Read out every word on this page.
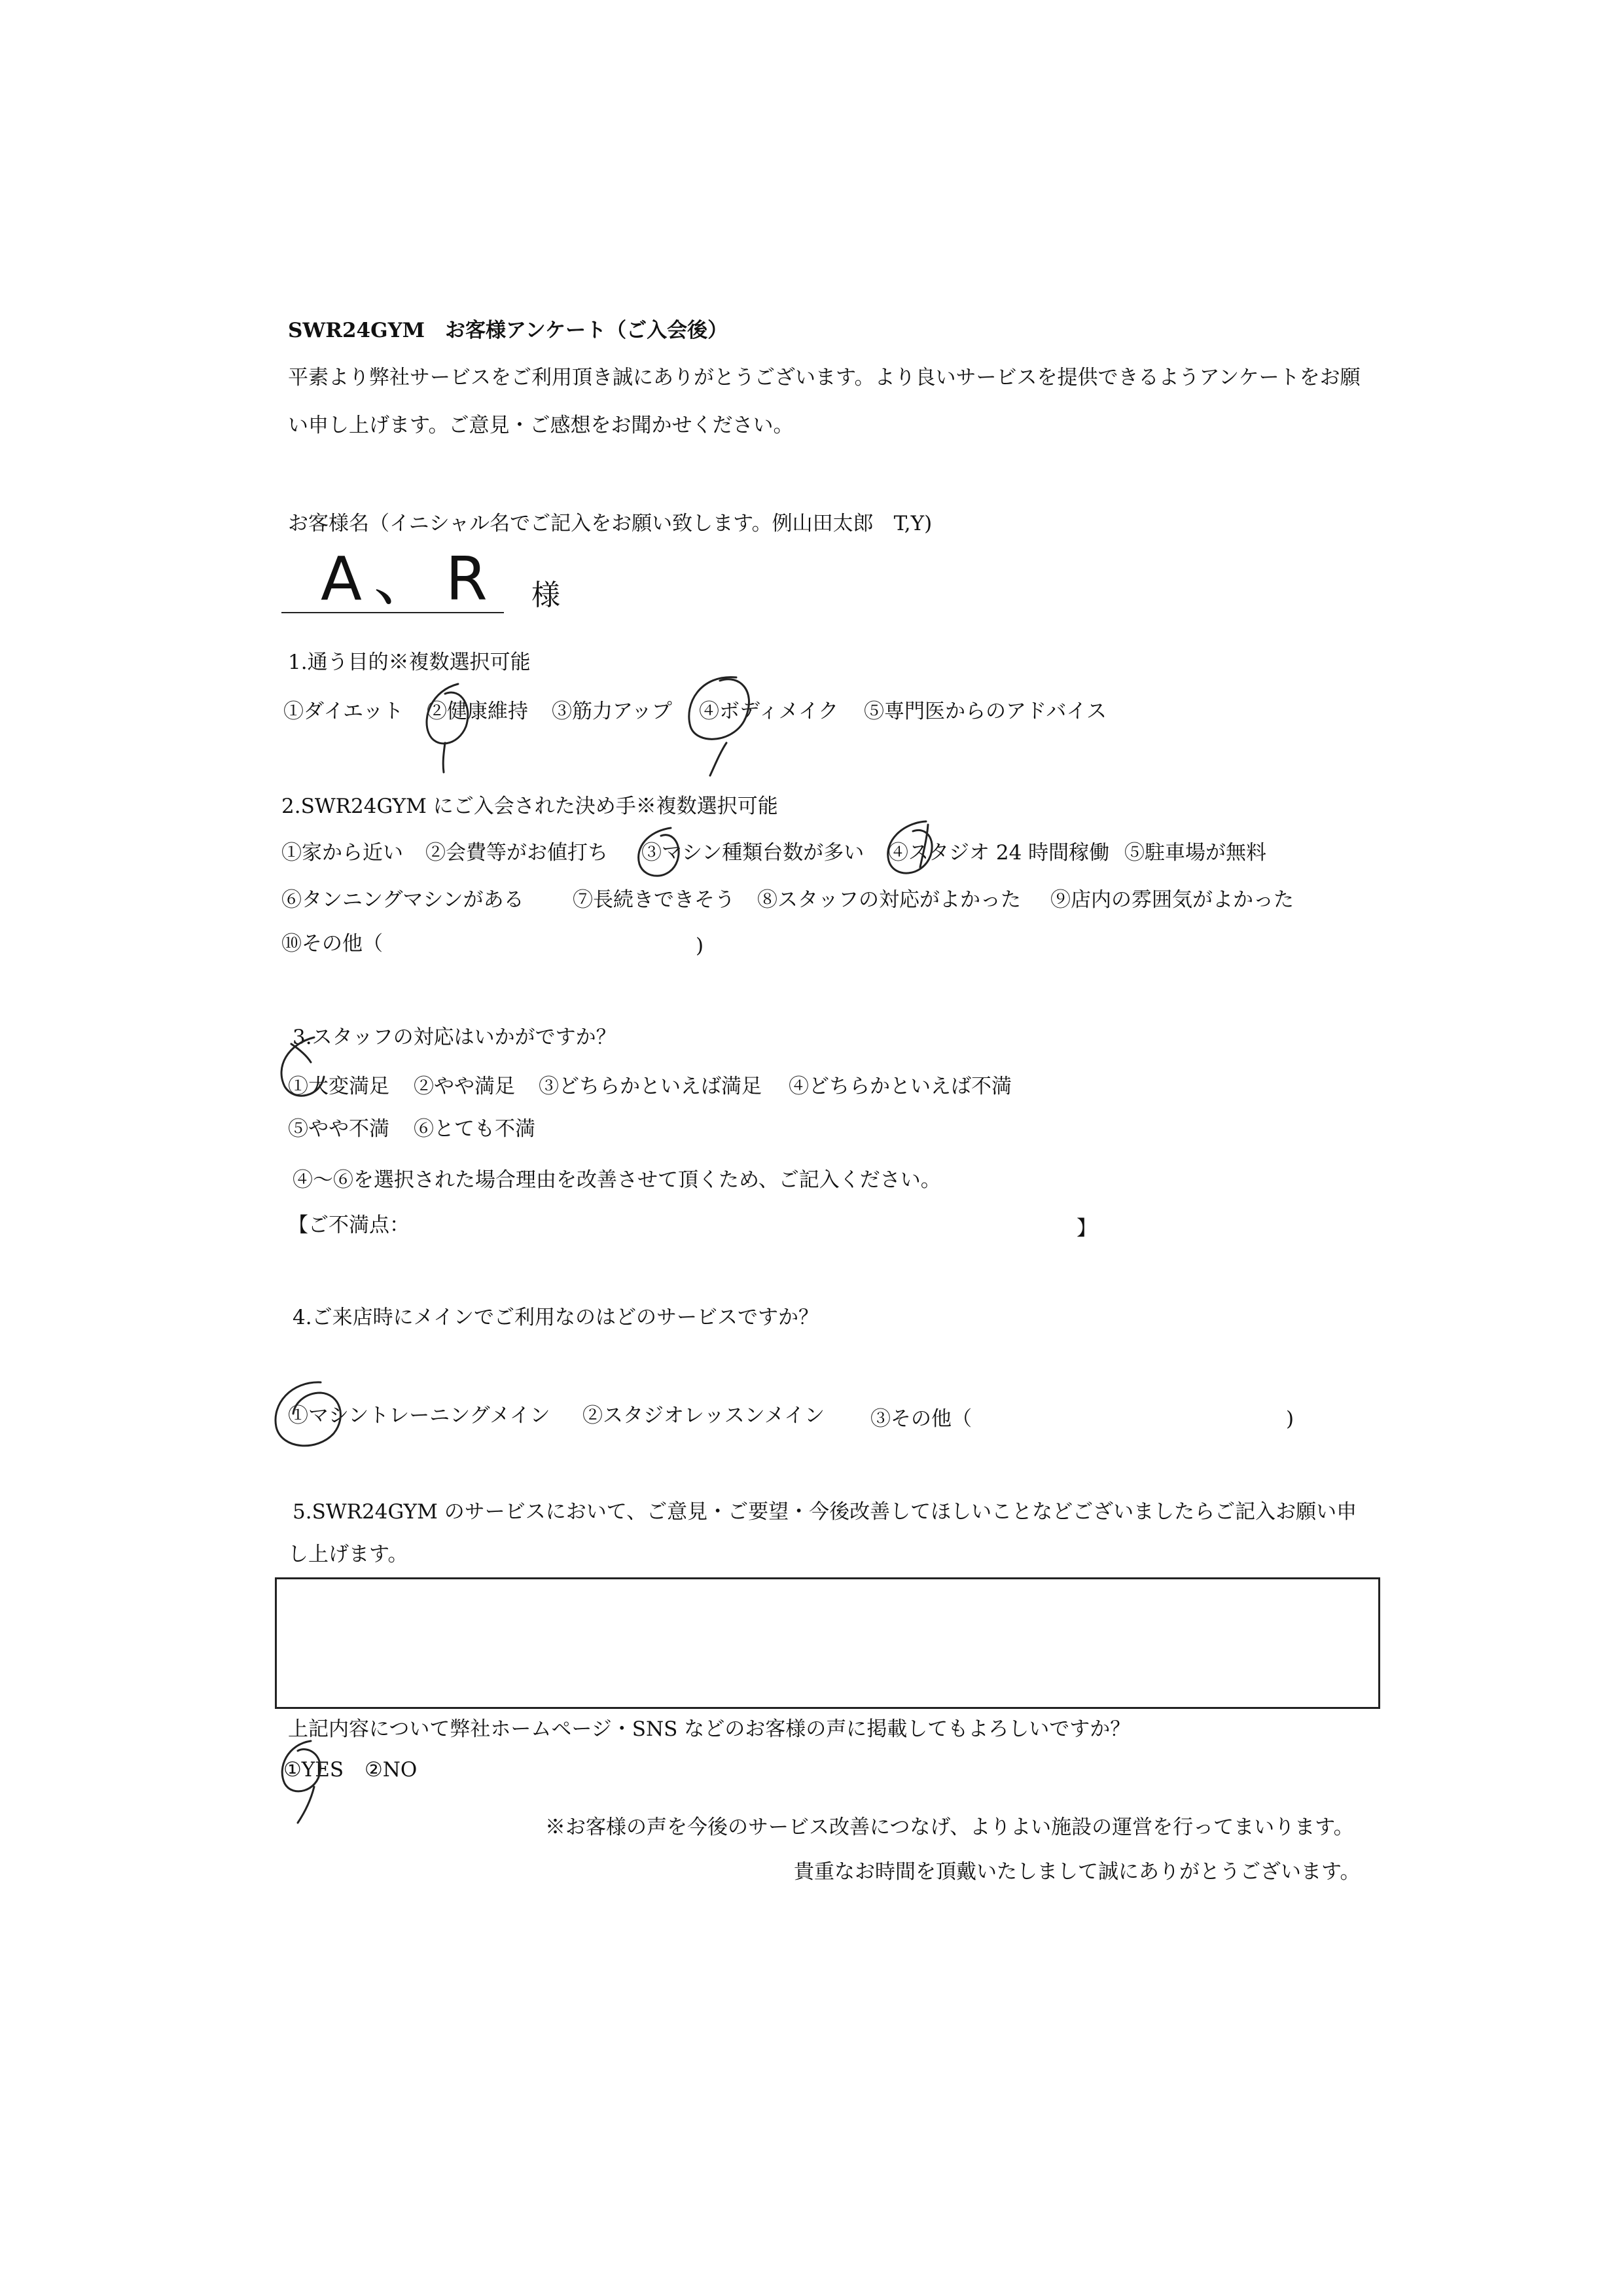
SWR24GYM　お客様アンケート（ご入会後）
平素より弊社サービスをご利用頂き誠にありがとうございます。より良いサービスを提供できるようアンケートをお願
い申し上げます。ご意見・ご感想をお聞かせください。
お客様名（イニシャル名でご記入をお願い致します。例山田太郎　T,Y)
A、R 様
1.通う目的※複数選択可能
①ダイエット ②健康維持 ③筋力アップ ④ボディメイク ⑤専門医からのアドバイス
2.SWR24GYM にご入会された決め手※複数選択可能
①家から近い ②会費等がお値打ち ③マシン種類台数が多い ④スタジオ 24 時間稼働 ⑤駐車場が無料
⑥タンニングマシンがある ⑦長続きできそう ⑧スタッフの対応がよかった ⑨店内の雰囲気がよかった
⑩その他（	)
3.スタッフの対応はいかがですか？
①大変満足 ②やや満足 ③どちらかといえば満足 ④どちらかといえば不満
⑤やや不満 ⑥とても不満
④～⑥を選択された場合理由を改善させて頂くため、ご記入ください。
【ご不満点：	】
4.ご来店時にメインでご利用なのはどのサービスですか？
①マシントレーニングメイン ②スタジオレッスンメイン ③その他（	)
5.SWR24GYM のサービスにおいて、ご意見・ご要望・今後改善してほしいことなどございましたらご記入お願い申
し上げます。
上記内容について弊社ホームページ・SNS などのお客様の声に掲載してもよろしいですか？
①YES ②NO
※お客様の声を今後のサービス改善につなげ、よりよい施設の運営を行ってまいります。
貴重なお時間を頂戴いたしまして誠にありがとうございます。
